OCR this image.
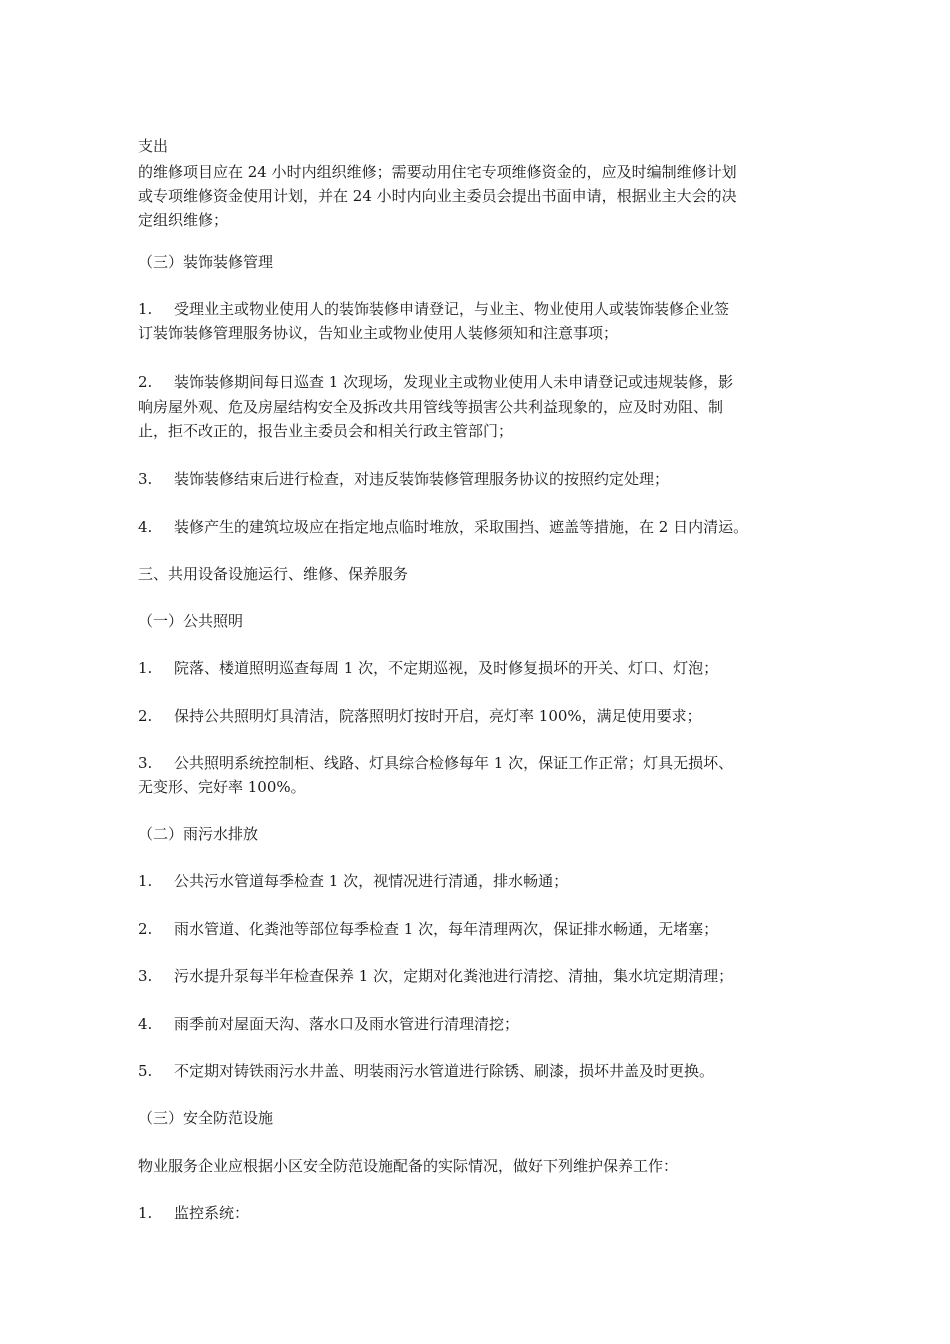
支出
的维修项目应在 24 小时内组织维修；需要动用住宅专项维修资金的，应及时编制维修计划
或专项维修资金使用计划，并在 24 小时内向业主委员会提出书面申请，根据业主大会的决
定组织维修；
（三）装饰装修管理
1.	受理业主或物业使用人的装饰装修申请登记，与业主、物业使用人或装饰装修企业签
订装饰装修管理服务协议，告知业主或物业使用人装修须知和注意事项；
2.	装饰装修期间每日巡查 1 次现场，发现业主或物业使用人未申请登记或违规装修，影
响房屋外观、危及房屋结构安全及拆改共用管线等损害公共利益现象的，应及时劝阻、制
止，拒不改正的，报告业主委员会和相关行政主管部门；
3.	装饰装修结束后进行检查，对违反装饰装修管理服务协议的按照约定处理；
4.	装修产生的建筑垃圾应在指定地点临时堆放，采取围挡、遮盖等措施，在 2 日内清运。
三、共用设备设施运行、维修、保养服务
（一）公共照明
1.	院落、楼道照明巡查每周 1 次，不定期巡视，及时修复损坏的开关、灯口、灯泡；
2.	保持公共照明灯具清洁，院落照明灯按时开启，亮灯率 100%，满足使用要求；
3.	公共照明系统控制柜、线路、灯具综合检修每年 1 次，保证工作正常；灯具无损坏、
无变形、完好率 100%。
（二）雨污水排放
1.	公共污水管道每季检查 1 次，视情况进行清通，排水畅通；
2.	雨水管道、化粪池等部位每季检查 1 次，每年清理两次，保证排水畅通，无堵塞；
3.	污水提升泵每半年检查保养 1 次，定期对化粪池进行清挖、清抽，集水坑定期清理；
4.	雨季前对屋面天沟、落水口及雨水管进行清理清挖；
5.	不定期对铸铁雨污水井盖、明装雨污水管道进行除锈、刷漆，损坏井盖及时更换。
（三）安全防范设施
物业服务企业应根据小区安全防范设施配备的实际情况，做好下列维护保养工作：
1.	监控系统：
